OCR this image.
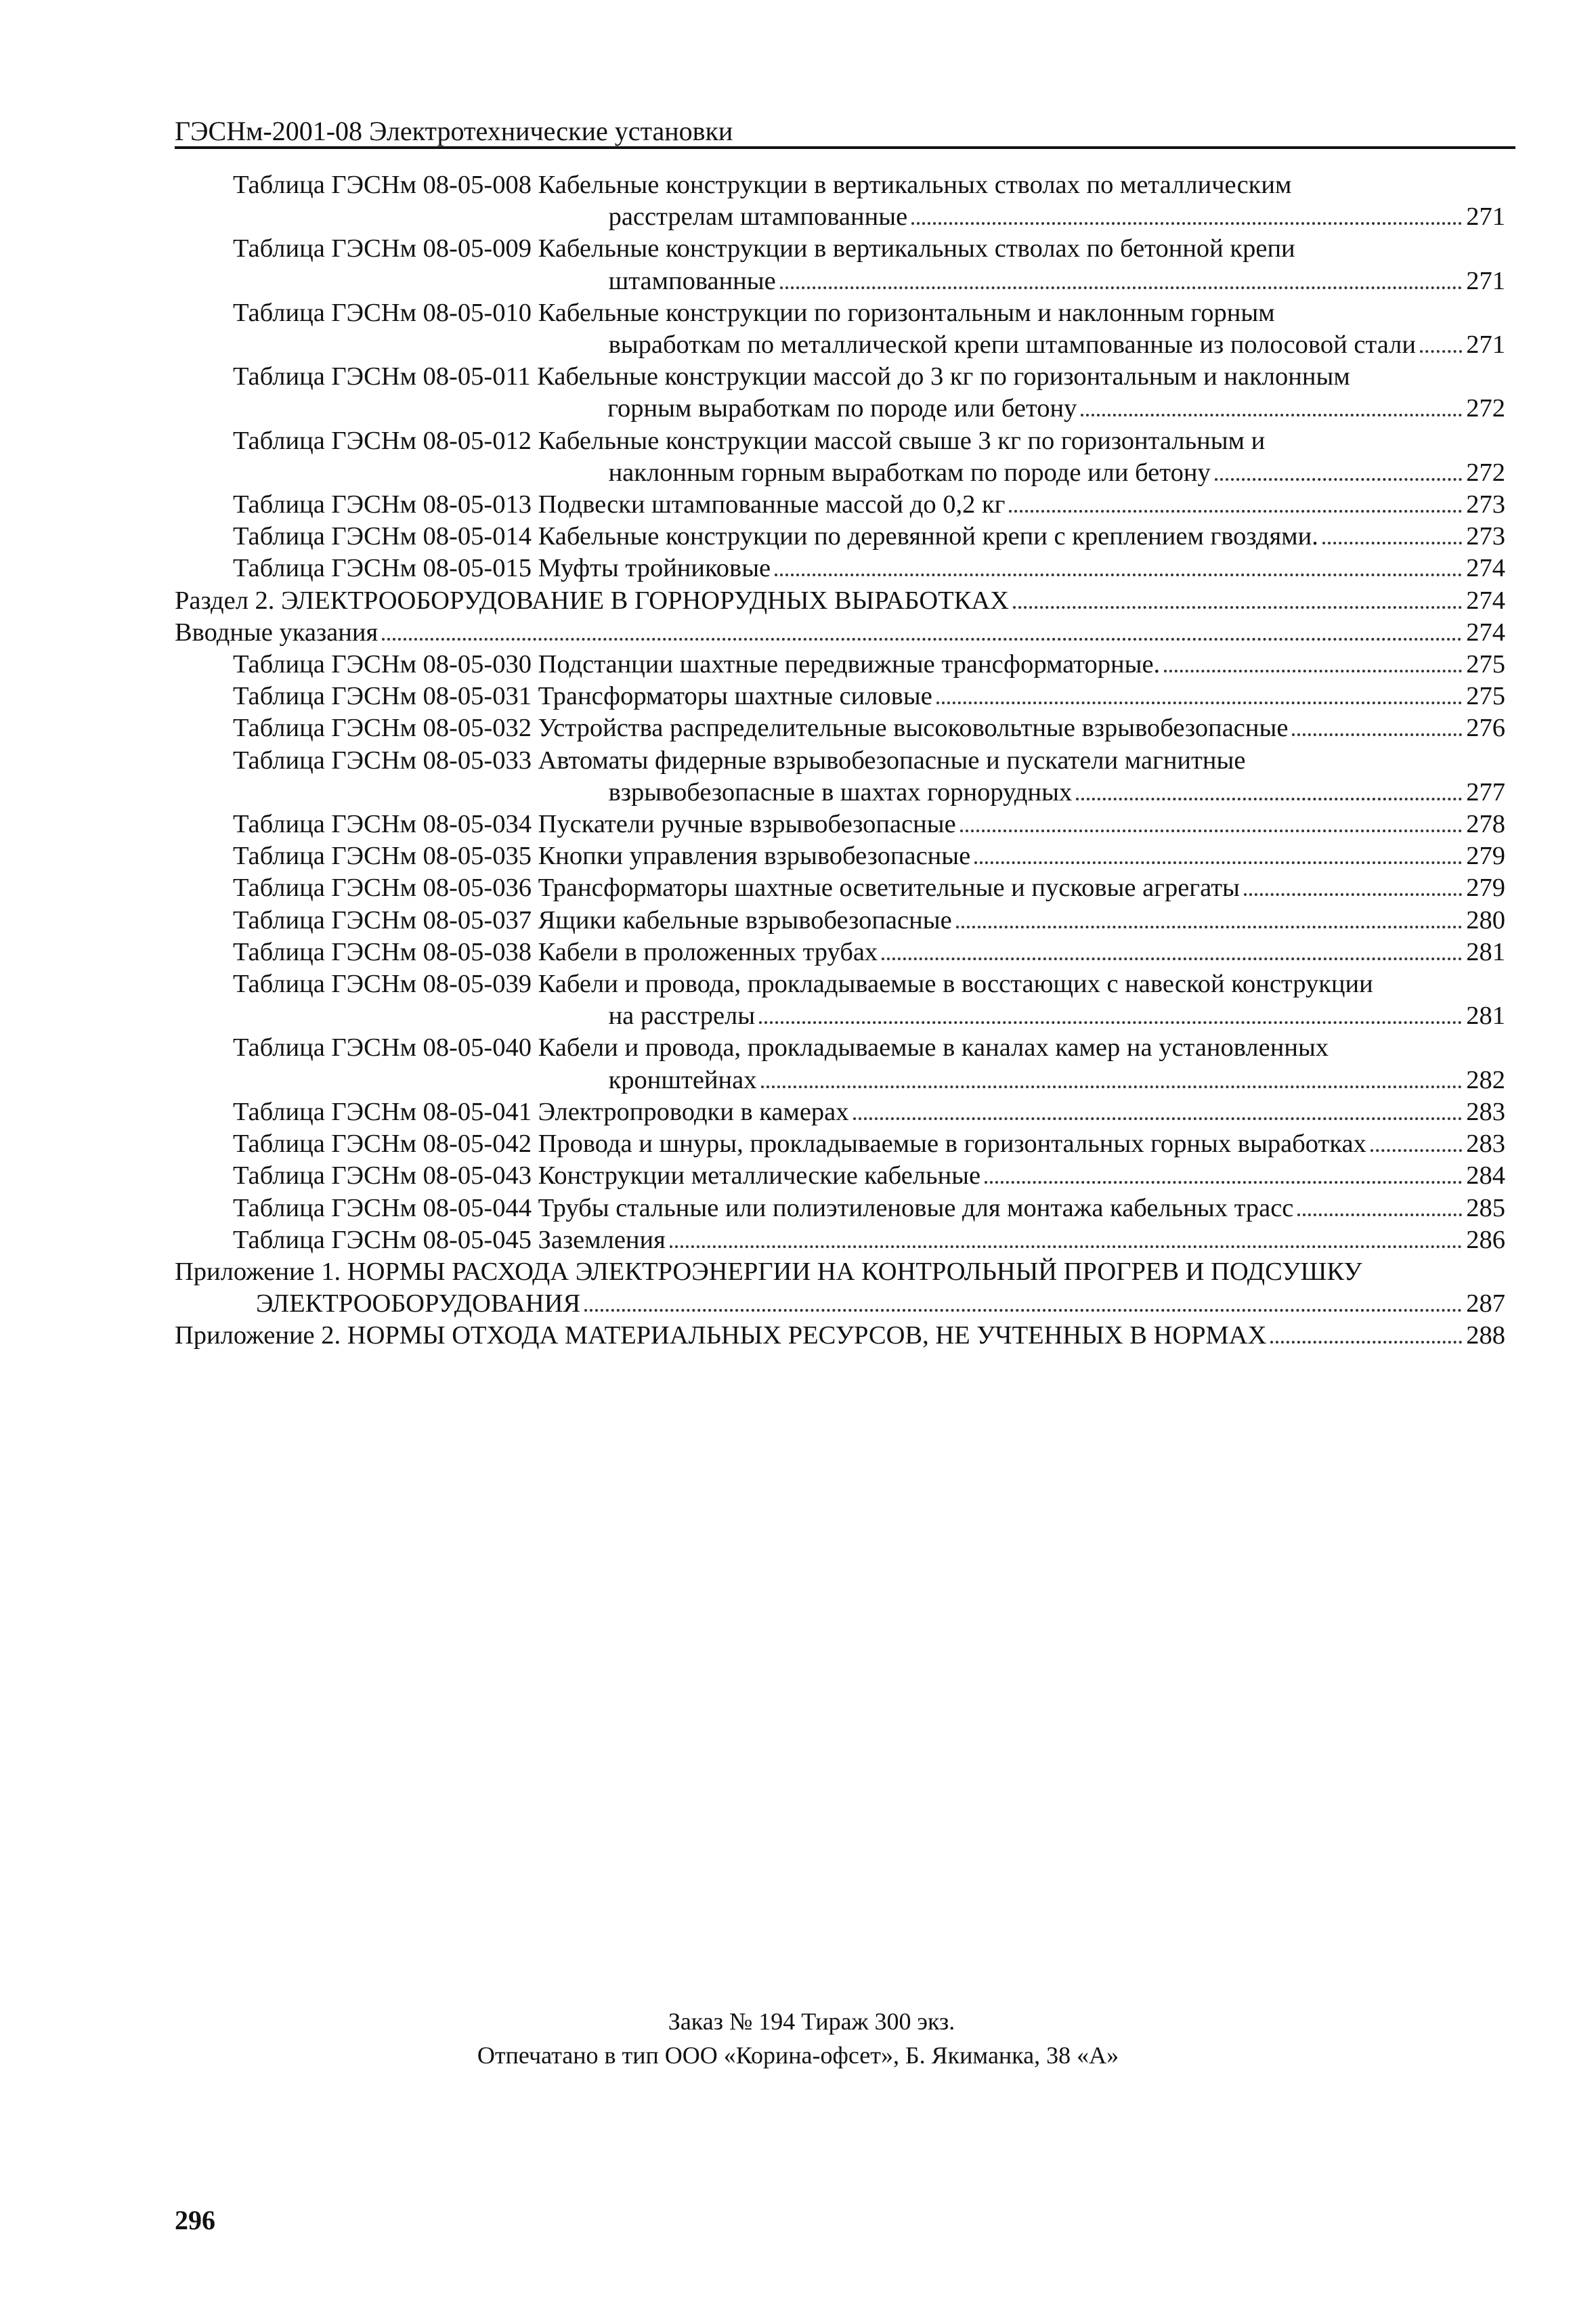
ГЭСНм-2001-08 Электротехнические установки
Таблица ГЭСНм 08-05-008 Кабельные конструкции в вертикальных стволах по металлическим
расстрелам штампованные	271
Таблица ГЭСНм 08-05-009 Кабельные конструкции в вертикальных стволах по бетонной крепи
штампованные	271
Таблица ГЭСНм 08-05-010 Кабельные конструкции по горизонтальным и наклонным горным
выработкам по металлической крепи штампованные из полосовой стали 271
Таблица ГЭСНм 08-05-011 Кабельные конструкции массой до 3 кг по горизонтальным и наклонным
горным выработкам по породе или бетону	272
Таблица ГЭСНм 08-05-012 Кабельные конструкции массой свыше 3 кг по горизонтальным и
наклонным горным выработкам по породе или бетону	272
Таблица ГЭСНм 08-05-013 Подвески штампованные массой до 0,2 кг	273
Таблица ГЭСНм 08-05-014 Кабельные конструкции по деревянной крепи с креплением гвоздями.	273
Таблица ГЭСНм 08-05-015 Муфты тройниковые	274
Раздел 2. ЭЛЕКТРООБОРУДОВАНИЕ В ГОРНОРУДНЫХ ВЫРАБОТКАХ	274
Вводные указания	274
Таблица ГЭСНм 08-05-030 Подстанции шахтные передвижные трансформаторные.	275
Таблица ГЭСНм 08-05-031 Трансформаторы шахтные силовые	275
Таблица ГЭСНм 08-05-032 Устройства распределительные высоковольтные взрывобезопасные	276
Таблица ГЭСНм 08-05-033 Автоматы фидерные взрывобезопасные и пускатели магнитные
взрывобезопасные в шахтах горнорудных	277
Таблица ГЭСНм 08-05-034 Пускатели ручные взрывобезопасные	278
Таблица ГЭСНм 08-05-035 Кнопки управления взрывобезопасные	279
Таблица ГЭСНм 08-05-036 Трансформаторы шахтные осветительные и пусковые агрегаты	279
Таблица ГЭСНм 08-05-037 Ящики кабельные взрывобезопасные	280
Таблица ГЭСНм 08-05-038 Кабели в проложенных трубах	281
Таблица ГЭСНм 08-05-039 Кабели и провода, прокладываемые в восстающих с навеской конструкции
на расстрелы	281
Таблица ГЭСНм 08-05-040 Кабели и провода, прокладываемые в каналах камер на установленных
кронштейнах	282
Таблица ГЭСНм 08-05-041 Электропроводки в камерах	283
Таблица ГЭСНм 08-05-042 Провода и шнуры, прокладываемые в горизонтальных горных выработках	283
Таблица ГЭСНм 08-05-043 Конструкции металлические кабельные	284
Таблица ГЭСНм 08-05-044 Трубы стальные или полиэтиленовые для монтажа кабельных трасс	285
Таблица ГЭСНм 08-05-045 Заземления	286
Приложение 1. НОРМЫ РАСХОДА ЭЛЕКТРОЭНЕРГИИ НА КОНТРОЛЬНЫЙ ПРОГРЕВ И ПОДСУШКУ
ЭЛЕКТРООБОРУДОВАНИЯ	287
Приложение 2. НОРМЫ ОТХОДА МАТЕРИАЛЬНЫХ РЕСУРСОВ, НЕ УЧТЕННЫХ В НОРМАХ	288
Заказ № 194 Тираж 300 экз.
Отпечатано в тип ООО «Корина-офсет», Б. Якиманка, 38 «А»
296
